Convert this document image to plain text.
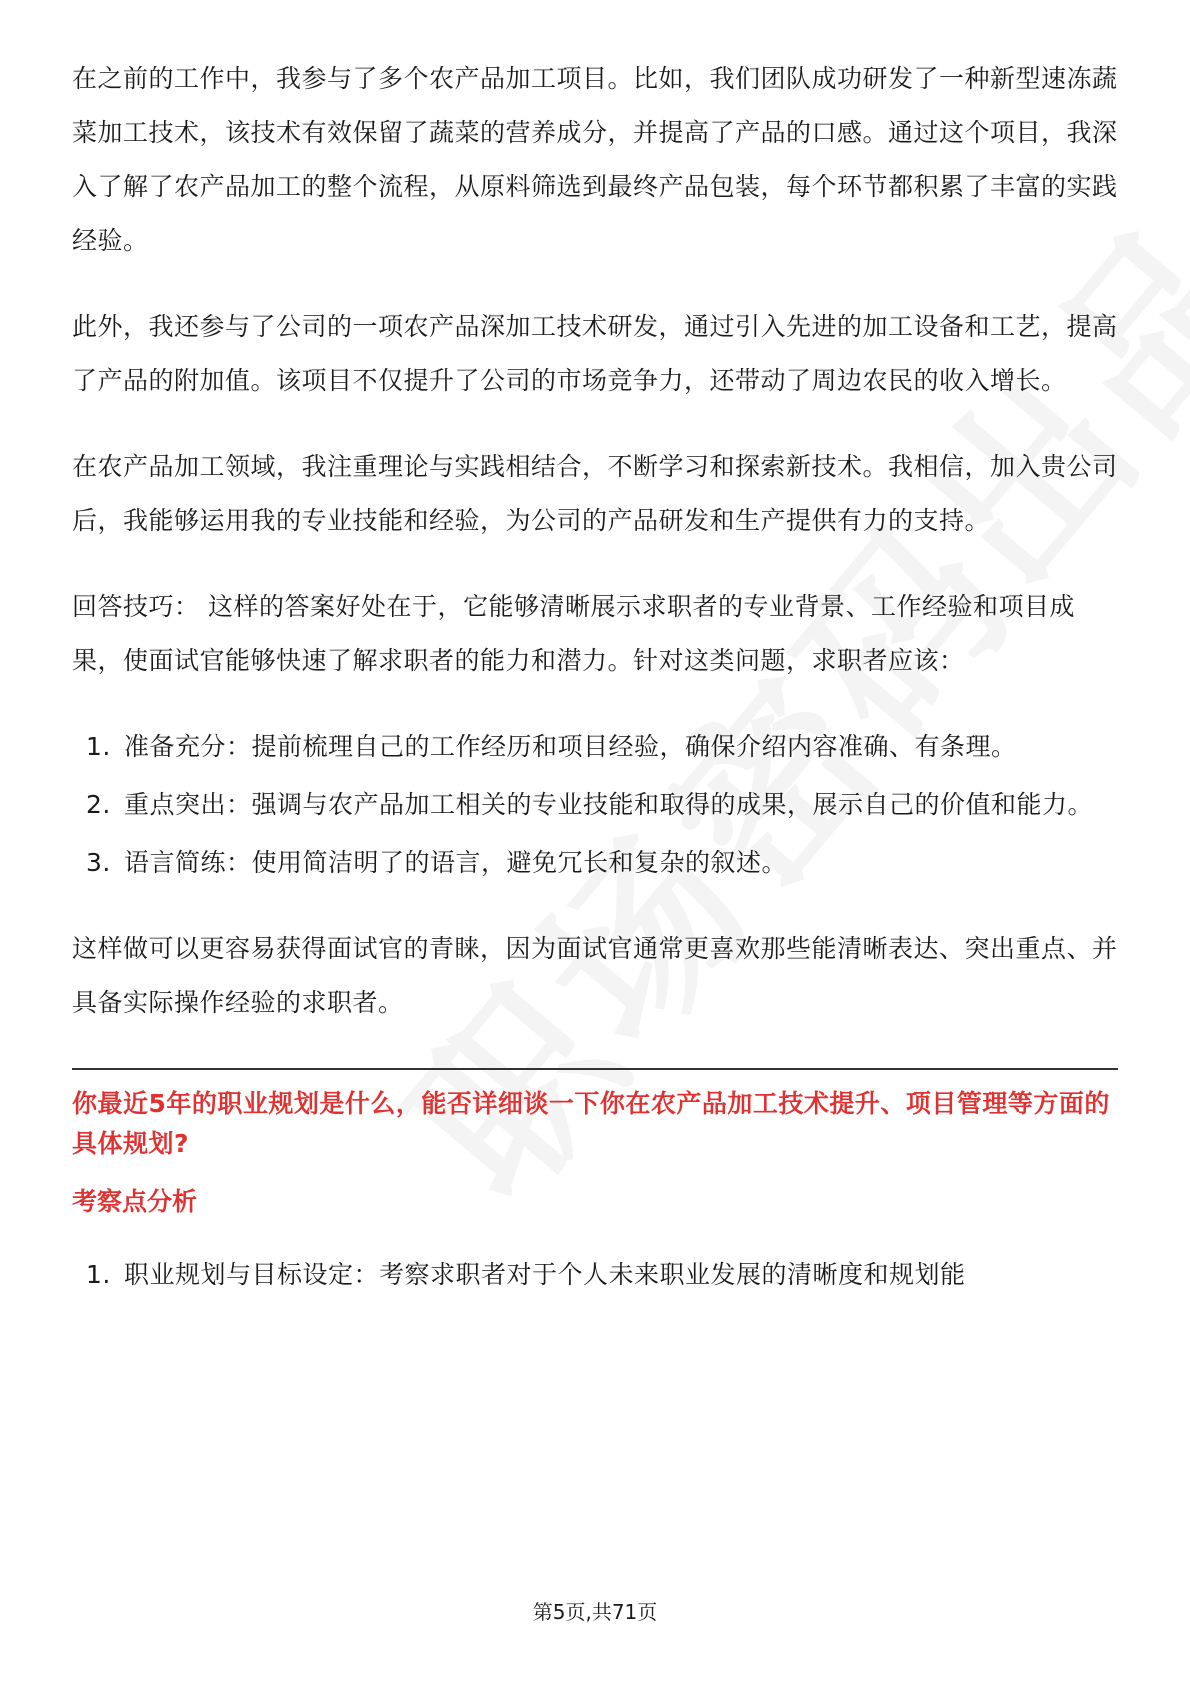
在之前的工作中，我参与了多个农产品加工项目。比如，我们团队成功研发了一种新型速冻蔬菜加工技术，该技术有效保留了蔬菜的营养成分，并提高了产品的口感。通过这个项目，我深入了解了农产品加工的整个流程，从原料筛选到最终产品包装，每个环节都积累了丰富的实践经验。

此外，我还参与了公司的一项农产品深加工技术研发，通过引入先进的加工设备和工艺，提高了产品的附加值。该项目不仅提升了公司的市场竞争力，还带动了周边农民的收入增长。

在农产品加工领域，我注重理论与实践相结合，不断学习和探索新技术。我相信，加入贵公司后，我能够运用我的专业技能和经验，为公司的产品研发和生产提供有力的支持。

回答技巧： 这样的答案好处在于，它能够清晰展示求职者的专业背景、工作经验和项目成果，使面试官能够快速了解求职者的能力和潜力。针对这类问题，求职者应该：

1. 准备充分：提前梳理自己的工作经历和项目经验，确保介绍内容准确、有条理。
2. 重点突出：强调与农产品加工相关的专业技能和取得的成果，展示自己的价值和能力。
3. 语言简练：使用简洁明了的语言，避免冗长和复杂的叙述。

这样做可以更容易获得面试官的青睐，因为面试官通常更喜欢那些能清晰表达、突出重点、并具备实际操作经验的求职者。

你最近5年的职业规划是什么，能否详细谈一下你在农产品加工技术提升、项目管理等方面的具体规划?
考察点分析
1. 职业规划与目标设定：考察求职者对于个人未来职业发展的清晰度和规划能
第5页,共71页
